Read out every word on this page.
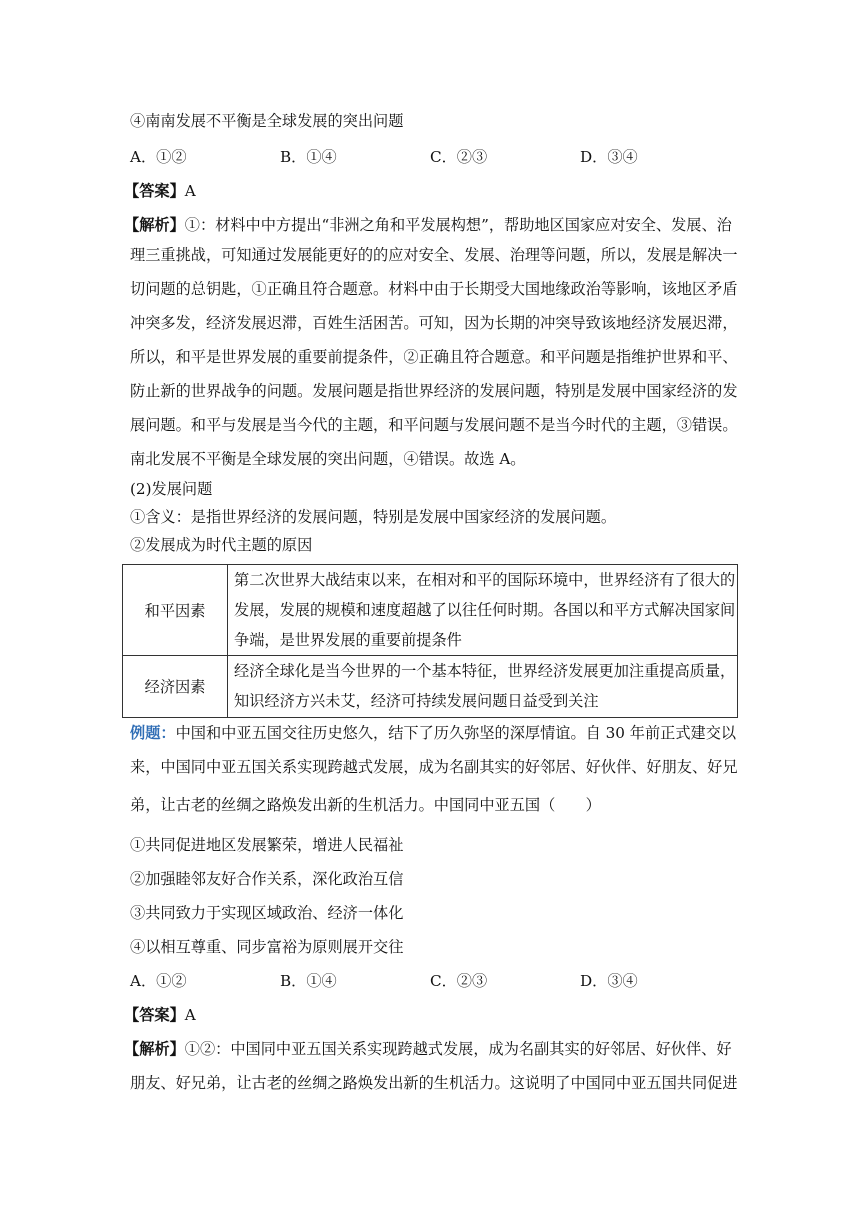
④南南发展不平衡是全球发展的突出问题
A．①②	B．①④	C．②③	D．③④
【答案】A
【解析】①：材料中中方提出“非洲之角和平发展构想”，帮助地区国家应对安全、发展、治
理三重挑战，可知通过发展能更好的的应对安全、发展、治理等问题，所以，发展是解决一
切问题的总钥匙，①正确且符合题意。材料中由于长期受大国地缘政治等影响，该地区矛盾
冲突多发，经济发展迟滞，百姓生活困苦。可知，因为长期的冲突导致该地经济发展迟滞，
所以，和平是世界发展的重要前提条件，②正确且符合题意。和平问题是指维护世界和平、
防止新的世界战争的问题。发展问题是指世界经济的发展问题，特别是发展中国家经济的发
展问题。和平与发展是当今代的主题，和平问题与发展问题不是当今时代的主题，③错误。
南北发展不平衡是全球发展的突出问题，④错误。故选 A。
(2)发展问题
①含义：是指世界经济的发展问题，特别是发展中国家经济的发展问题。
②发展成为时代主题的原因
和平因素	第二次世界大战结束以来，在相对和平的国际环境中，世界经济有了很大的
发展，发展的规模和速度超越了以往任何时期。各国以和平方式解决国家间
争端，是世界发展的重要前提条件

经济因素	经济全球化是当今世界的一个基本特征，世界经济发展更加注重提高质量，
知识经济方兴未艾，经济可持续发展问题日益受到关注
例题：中国和中亚五国交往历史悠久，结下了历久弥坚的深厚情谊。自 30 年前正式建交以
来，中国同中亚五国关系实现跨越式发展，成为名副其实的好邻居、好伙伴、好朋友、好兄
弟，让古老的丝绸之路焕发出新的生机活力。中国同中亚五国（　　）
①共同促进地区发展繁荣，增进人民福祉
②加强睦邻友好合作关系，深化政治互信
③共同致力于实现区域政治、经济一体化
④以相互尊重、同步富裕为原则展开交往
A．①②	B．①④	C．②③	D．③④
【答案】A
【解析】①②：中国同中亚五国关系实现跨越式发展，成为名副其实的好邻居、好伙伴、好
朋友、好兄弟，让古老的丝绸之路焕发出新的生机活力。这说明了中国同中亚五国共同促进
